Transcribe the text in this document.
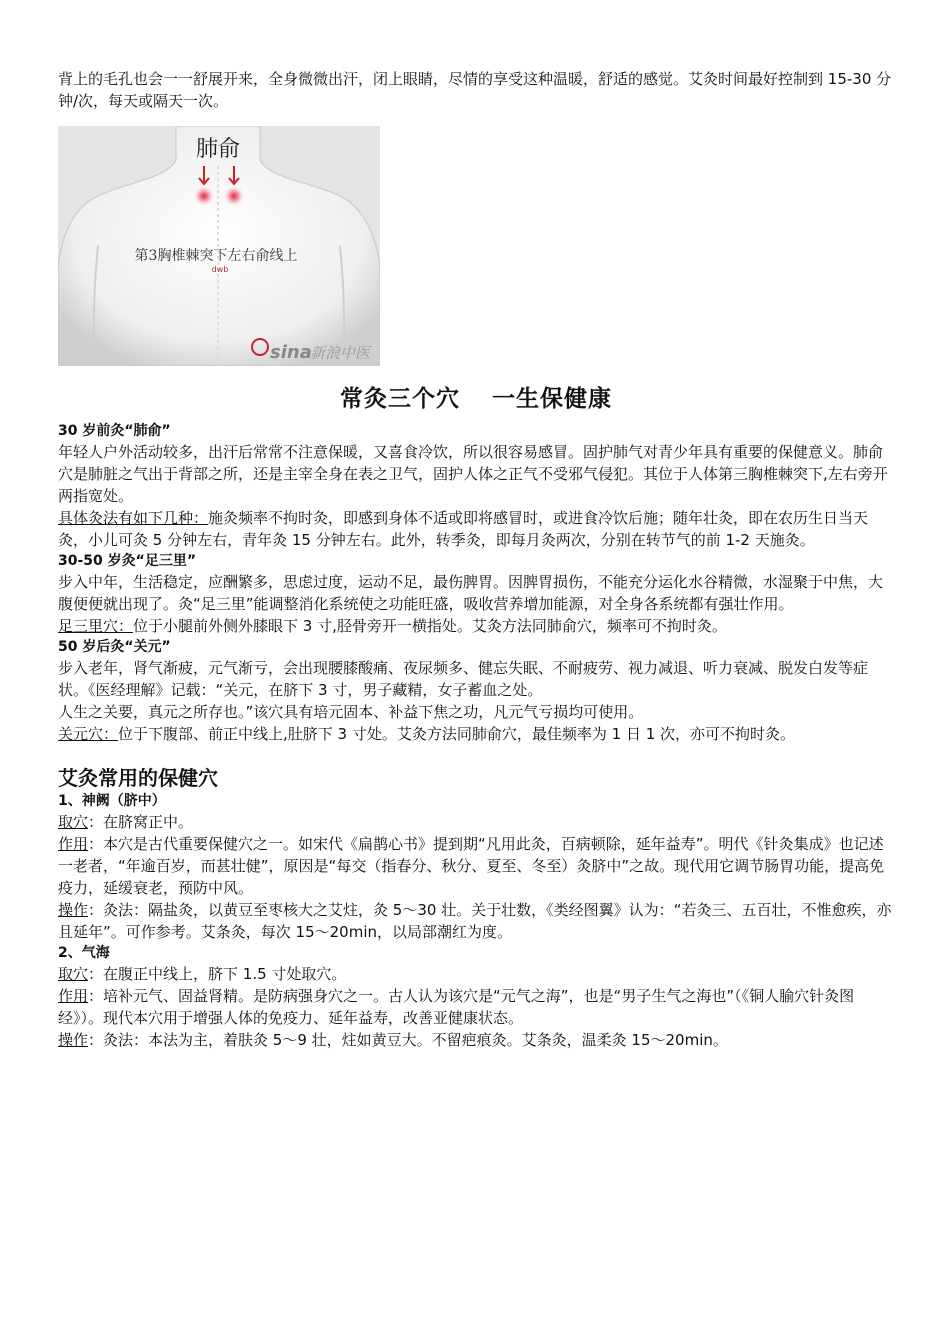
背上的毛孔也会一一舒展开来，全身微微出汗，闭上眼睛，尽情的享受这种温暖，舒适的感觉。艾灸时间最好控制到 15-30 分钟/次，每天或隔天一次。

肺俞
第3胸椎棘突下左右俞线上
dwb
sina
新浪中医
常灸三个穴 一生保健康

30 岁前灸“肺俞”

年轻人户外活动较多，出汗后常常不注意保暖，又喜食冷饮，所以很容易感冒。固护肺气对青少年具有重要的保健意义。肺俞穴是肺脏之气出于背部之所，还是主宰全身在表之卫气，固护人体之正气不受邪气侵犯。其位于人体第三胸椎棘突下,左右旁开两指宽处。

具体灸法有如下几种：施灸频率不拘时灸，即感到身体不适或即将感冒时，或进食冷饮后施；随年壮灸，即在农历生日当天灸，小儿可灸 5 分钟左右，青年灸 15 分钟左右。此外，转季灸，即每月灸两次，分别在转节气的前 1-2 天施灸。

30-50 岁灸“足三里”

步入中年，生活稳定，应酬繁多，思虑过度，运动不足，最伤脾胃。因脾胃损伤，不能充分运化水谷精微，水湿聚于中焦，大腹便便就出现了。灸“足三里”能调整消化系统使之功能旺盛，吸收营养增加能源，对全身各系统都有强壮作用。

足三里穴：位于小腿前外侧外膝眼下 3 寸,胫骨旁开一横指处。艾灸方法同肺俞穴，频率可不拘时灸。

50 岁后灸“关元”

步入老年，肾气渐疲，元气渐亏，会出现腰膝酸痛、夜尿频多、健忘失眠、不耐疲劳、视力减退、听力衰减、脱发白发等症状。《医经理解》记载：“关元，在脐下 3 寸，男子藏精，女子蓄血之处。

人生之关要，真元之所存也。”该穴具有培元固本、补益下焦之功，凡元气亏损均可使用。

关元穴：位于下腹部、前正中线上,肚脐下 3 寸处。艾灸方法同肺俞穴，最佳频率为 1 日 1 次，亦可不拘时灸。

艾灸常用的保健穴

1、神阙（脐中）

取穴：在脐窝正中。

作用：本穴是古代重要保健穴之一。如宋代《扁鹊心书》提到期“凡用此灸，百病顿除，延年益寿”。明代《针灸集成》也记述一老者，“年逾百岁，而甚壮健”，原因是“每交（指春分、秋分、夏至、冬至）灸脐中”之故。现代用它调节肠胃功能，提高免疫力，延缓衰老，预防中风。

操作：灸法：隔盐灸，以黄豆至枣核大之艾炷，灸 5～30 壮。关于壮数，《类经图翼》认为：“若灸三、五百壮，不惟愈疾，亦且延年”。可作参考。艾条灸，每次 15～20min，以局部潮红为度。

2、气海

取穴：在腹正中线上，脐下 1.5 寸处取穴。

作用：培补元气、固益肾精。是防病强身穴之一。古人认为该穴是“元气之海”，也是“男子生气之海也”（《铜人腧穴针灸图经》）。现代本穴用于增强人体的免疫力、延年益寿，改善亚健康状态。

操作：灸法：本法为主，着肤灸 5～9 壮，炷如黄豆大。不留疤痕灸。艾条灸，温柔灸 15～20min。
